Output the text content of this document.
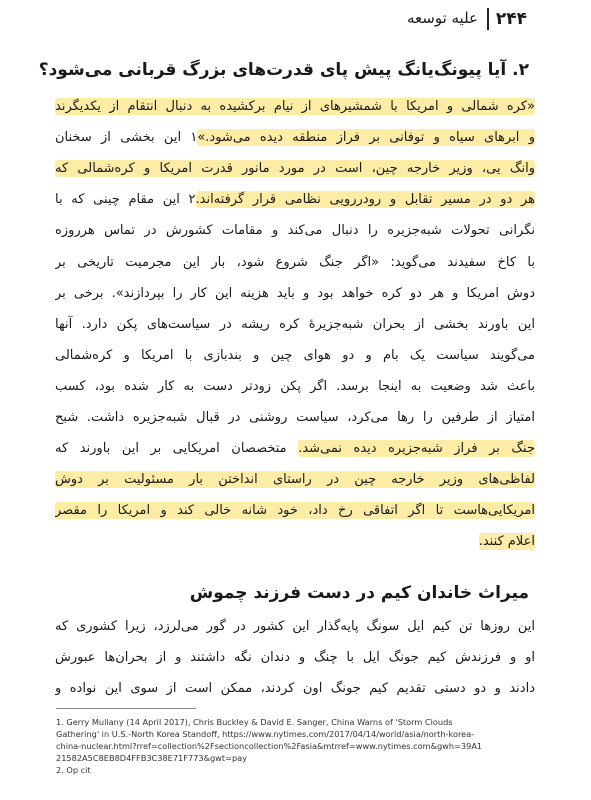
۲۴۴
علیه توسعه
۲. آیا پیونگ‌یانگ پیش پای قدرت‌های بزرگ قربانی می‌شود؟
«کره شمالی و امریکا با شمشیرهای از نیام برکشیده به دنبال انتقام از یکدیگرند
و ابرهای سیاه و توفانی بر فراز منطقه دیده می‌شود.»۱ این بخشی از سخنان
وانگ یی، وزیر خارجه چین، است در مورد مانور قدرت امریکا و کره‌شمالی که
هر دو در مسیر تقابل و رودررویی نظامی قرار گرفته‌اند.۲ این مقام چینی که با
نگرانی تحولات شبه‌جزیره را دنبال می‌کند و مقامات کشورش در تماس هرروزه
با کاخ سفیدند می‌گوید: «اگر جنگ شروع شود، بار این مجرمیت تاریخی بر
دوش امریکا و هر دو کره خواهد بود و باید هزینه این کار را بپردازند». برخی بر
این باورند بخشی از بحران شبه‌جزیرهٔ کره ریشه در سیاست‌های پکن دارد. آنها
می‌گویند سیاست یک بام و دو هوای چین و بندبازی با امریکا و کره‌شمالی
باعث شد وضعیت به اینجا برسد. اگر پکن زودتر دست به کار شده بود، کسب
امتیاز از طرفین را رها می‌کرد، سیاست روشنی در قبال شبه‌جزیره داشت. شبح
جنگ بر فراز شبه‌جزیره دیده نمی‌شد. متخصصان امریکایی بر این باورند که
لفاظی‌های وزیر خارجه چین در راستای انداختن بار مسئولیت بر دوش
امریکایی‌هاست تا اگر اتفاقی رخ داد، خود شانه خالی کند و امریکا را مقصر
اعلام کنند.
میراث خاندان کیم در دست فرزند چموش
این روزها تن کیم ایل سونگ پایه‌گذار این کشور در گور می‌لرزد، زیرا کشوری که
او و فرزندش کیم جونگ ایل با چنگ و دندان نگه داشتند و از بحران‌ها عبورش
دادند و دو دستی تقدیم کیم جونگ اون کردند، ممکن است از سوی این نواده و
1. Gerry Mullany (14 April 2017), Chris Buckley & David E. Sanger, China Warns of 'Storm Clouds
Gathering' in U.S.-North Korea Standoff, https://www.nytimes.com/2017/04/14/world/asia/north-korea-
china-nuclear.html?rref=collection%2Fsectioncollection%2Fasia&mtrref=www.nytimes.com&gwh=39A1
21582A5C8EB8D4FFB3C38E71F773&gwt=pay
2. Op cit
